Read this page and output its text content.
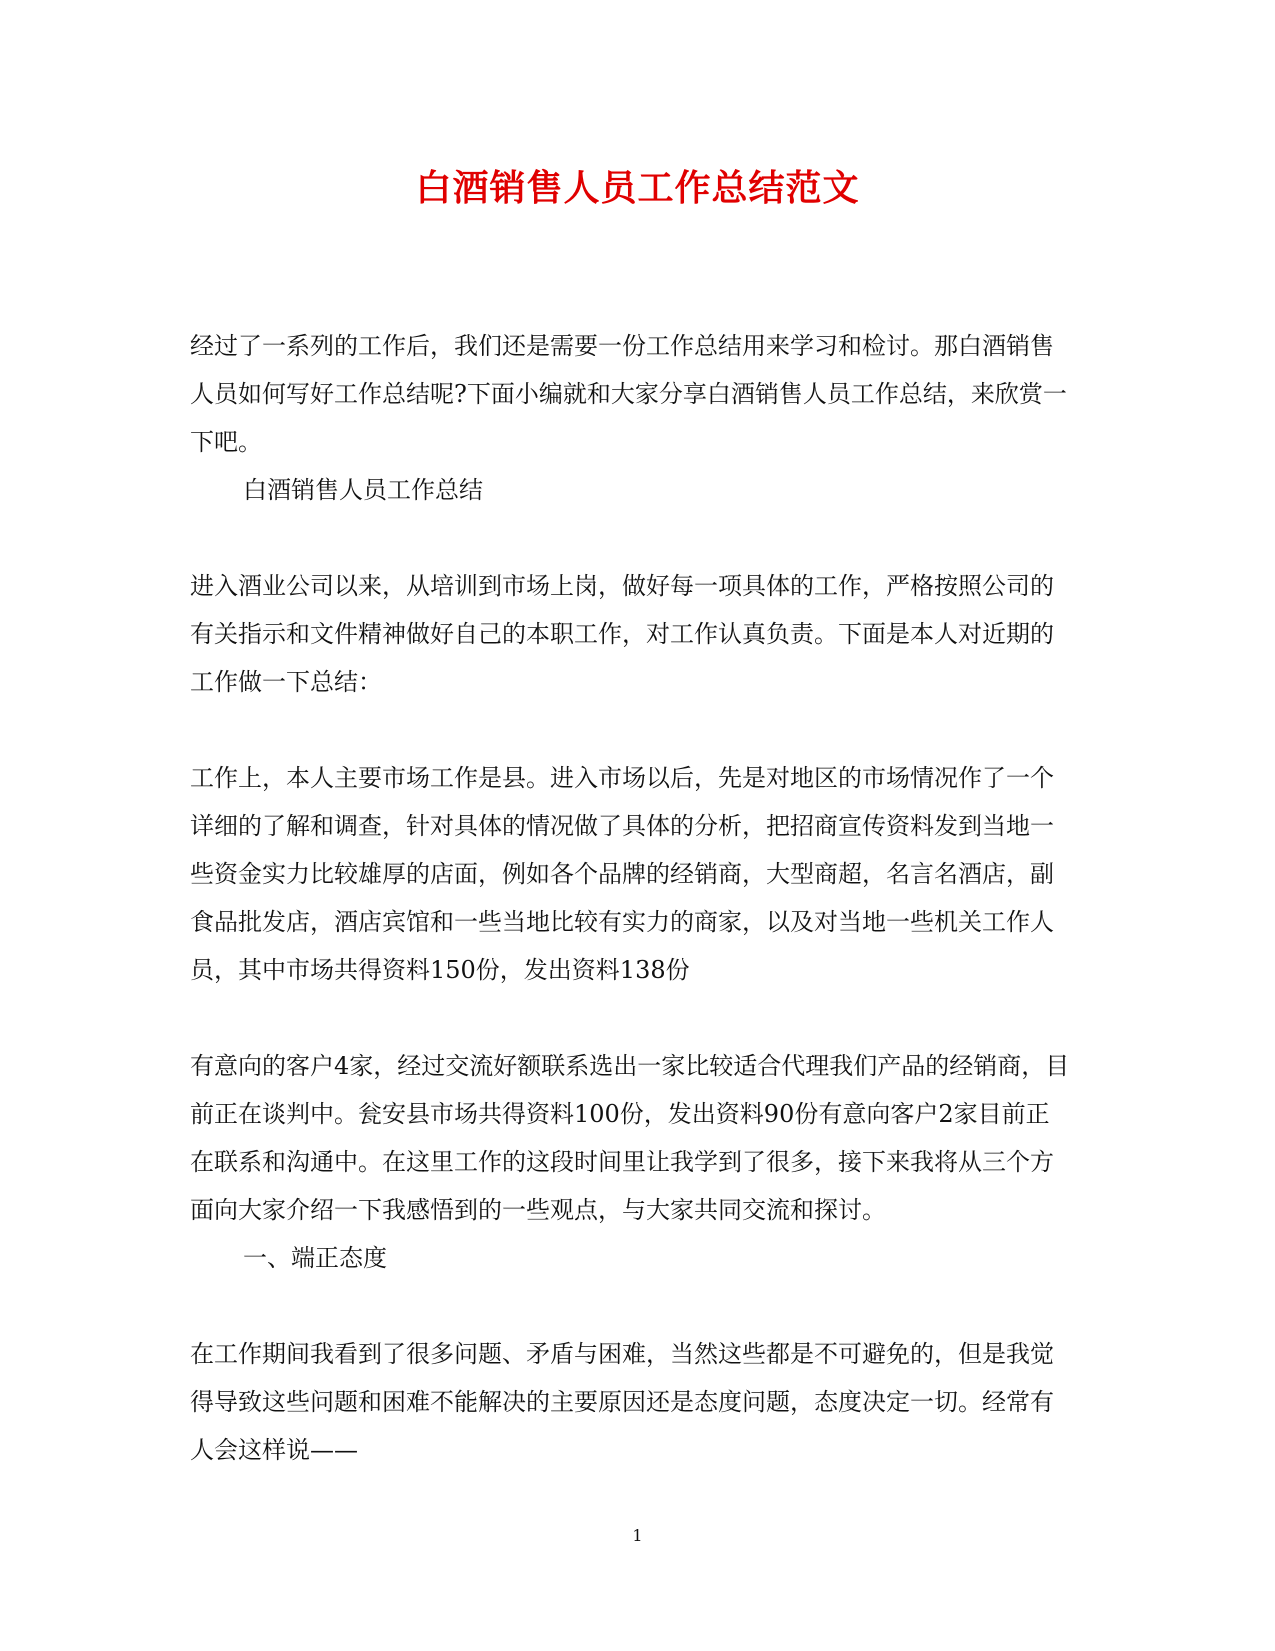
白酒销售人员工作总结范文

经过了一系列的工作后，我们还是需要一份工作总结用来学习和检讨。那白酒销售人员如何写好工作总结呢?下面小编就和大家分享白酒销售人员工作总结，来欣赏一下吧。

白酒销售人员工作总结

进入酒业公司以来，从培训到市场上岗，做好每一项具体的工作，严格按照公司的有关指示和文件精神做好自己的本职工作，对工作认真负责。下面是本人对近期的工作做一下总结：

工作上，本人主要市场工作是县。进入市场以后，先是对地区的市场情况作了一个详细的了解和调查，针对具体的情况做了具体的分析，把招商宣传资料发到当地一些资金实力比较雄厚的店面，例如各个品牌的经销商，大型商超，名言名酒店，副食品批发店，酒店宾馆和一些当地比较有实力的商家，以及对当地一些机关工作人员，其中市场共得资料150份，发出资料138份

有意向的客户4家，经过交流好额联系选出一家比较适合代理我们产品的经销商，目前正在谈判中。瓮安县市场共得资料100份，发出资料90份有意向客户2家目前正在联系和沟通中。在这里工作的这段时间里让我学到了很多，接下来我将从三个方面向大家介绍一下我感悟到的一些观点，与大家共同交流和探讨。

一、端正态度

在工作期间我看到了很多问题、矛盾与困难，当然这些都是不可避免的，但是我觉得导致这些问题和困难不能解决的主要原因还是态度问题，态度决定一切。经常有人会这样说——

1
